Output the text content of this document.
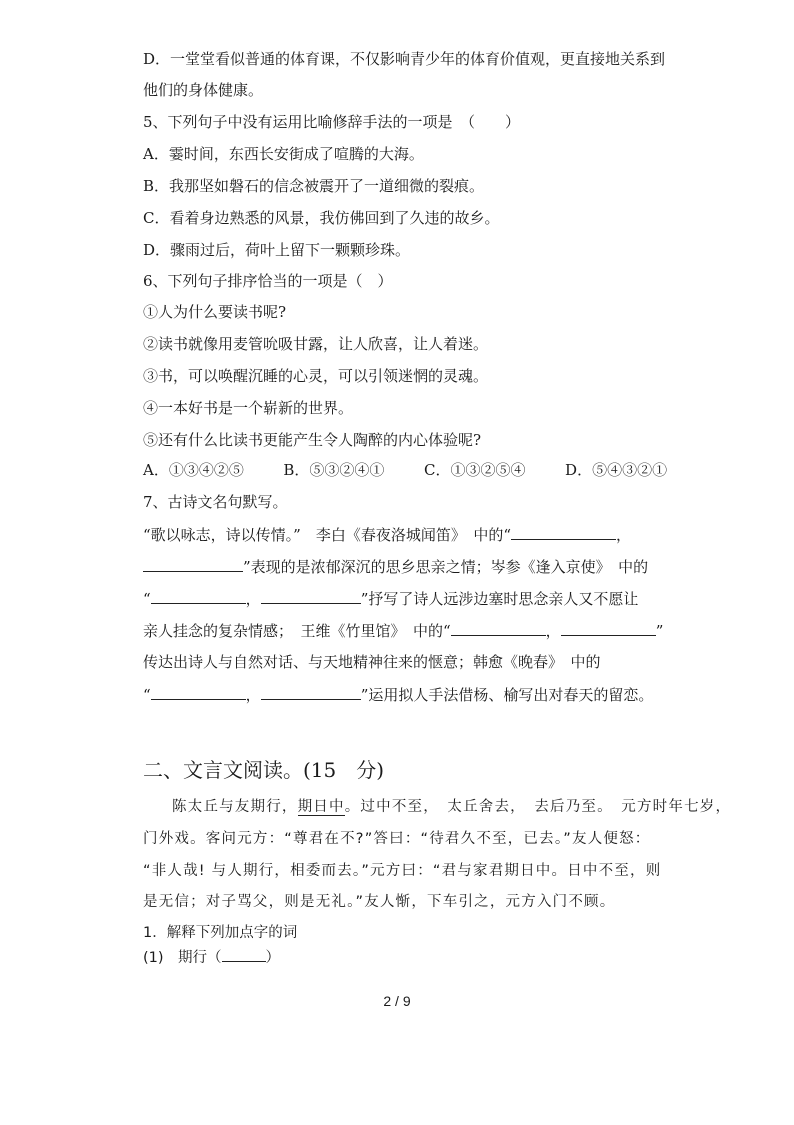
D．一堂堂看似普通的体育课，不仅影响青少年的体育价值观，更直接地关系到
他们的身体健康。
5、下列句子中没有运用比喻修辞手法的一项是　（　　）
A．霎时间，东西长安街成了喧腾的大海。
B．我那坚如磐石的信念被震开了一道细微的裂痕。
C．看着身边熟悉的风景，我仿佛回到了久违的故乡。
D．骤雨过后，荷叶上留下一颗颗珍珠。
6、下列句子排序恰当的一项是（　）
①人为什么要读书呢?
②读书就像用麦管吮吸甘露，让人欣喜，让人着迷。
③书，可以唤醒沉睡的心灵，可以引领迷惘的灵魂。
④一本好书是一个崭新的世界。
⑤还有什么比读书更能产生令人陶醉的内心体验呢?
A．①③④②⑤	B．⑤③②④①	C．①③②⑤④	D．⑤④③②①
7、古诗文名句默写。
“歌以咏志，诗以传情。”　李白《春夜洛城闻笛》　中的“	，
”表现的是浓郁深沉的思乡思亲之情；岑参《逢入京使》　中的
“	，	”抒写了诗人远涉边塞时思念亲人又不愿让
亲人挂念的复杂情感；　王维《竹里馆》　中的“	，	”
传达出诗人与自然对话、与天地精神往来的惬意；韩愈《晚春》　中的
“	，	”运用拟人手法借杨、榆写出对春天的留恋。
二、文言文阅读。(15　分)
陈太丘与友期行，期日中。过中不至，　太丘舍去，　去后乃至。　元方时年七岁，
门外戏。客问元方：“尊君在不?”答曰：“待君久不至，已去。”友人便怒：
“非人哉! 与人期行，相委而去。”元方曰：“君与家君期日中。日中不至，则
是无信；对子骂父，则是无礼。”友人惭，下车引之，元方入门不顾。
1．解释下列加点字的词
(1)　期行（	）
2 / 9
